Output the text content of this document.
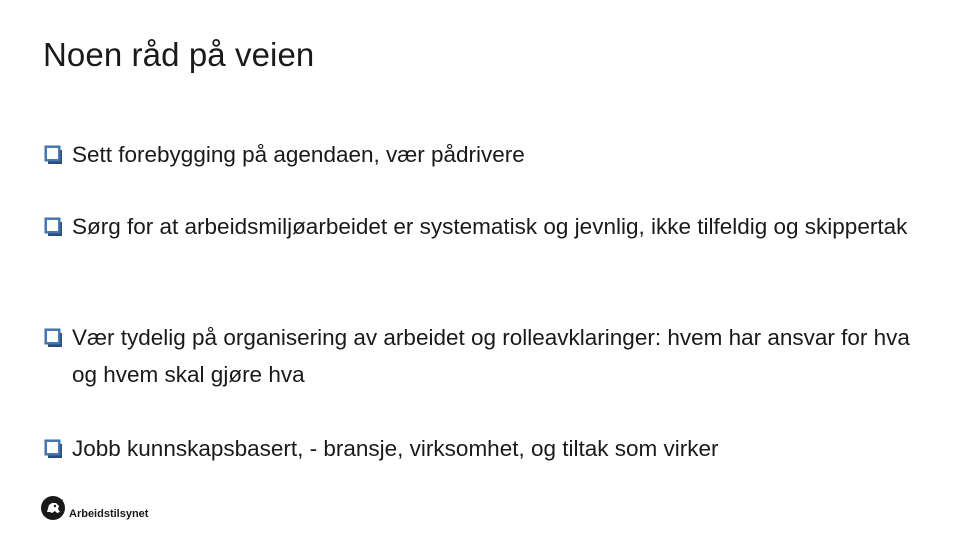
Noen råd på veien
Sett forebygging på agendaen, vær pådrivere
Sørg for at arbeidsmiljøarbeidet er systematisk og jevnlig, ikke tilfeldig og skippertak
Vær tydelig på organisering av arbeidet og rolleavklaringer: hvem har ansvar for hva og hvem skal gjøre hva
Jobb kunnskapsbasert, - bransje, virksomhet, og tiltak som virker
Arbeidstilsynet
